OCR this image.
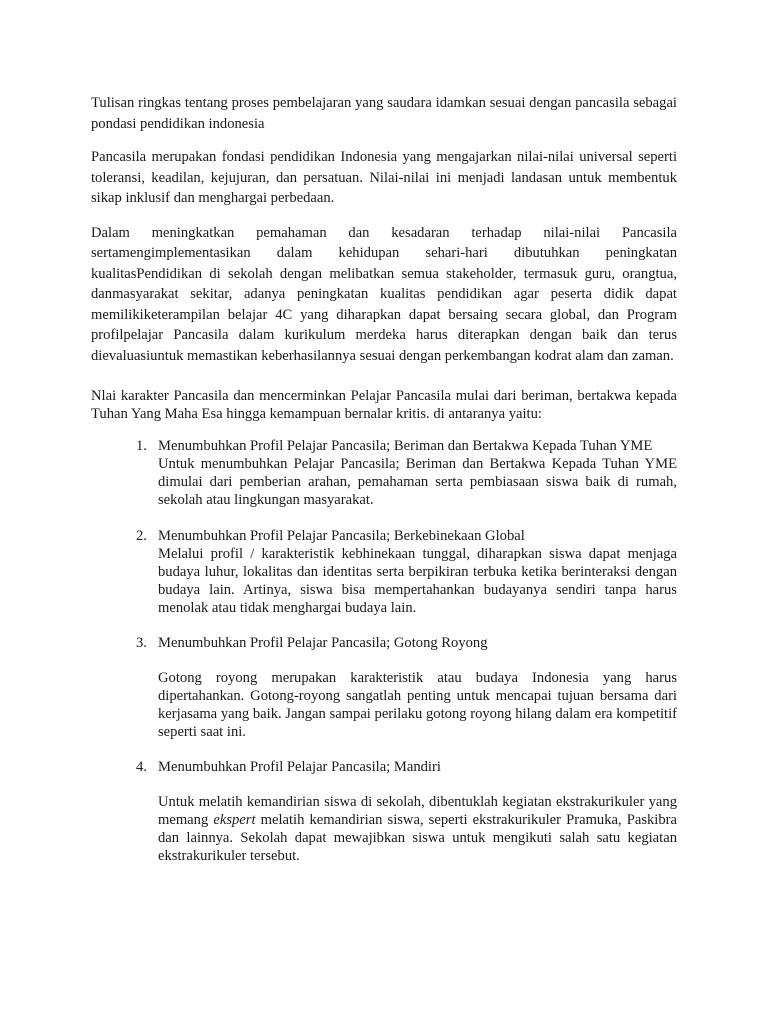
Tulisan ringkas tentang proses pembelajaran yang saudara idamkan sesuai dengan pancasila sebagai pondasi pendidikan indonesia

Pancasila merupakan fondasi pendidikan Indonesia yang mengajarkan nilai-nilai universal seperti toleransi, keadilan, kejujuran, dan persatuan. Nilai-nilai ini menjadi landasan untuk membentuk sikap inklusif dan menghargai perbedaan.

Dalam meningkatkan pemahaman dan kesadaran terhadap nilai-nilai Pancasila sertamengimplementasikan dalam kehidupan sehari-hari dibutuhkan peningkatan kualitasPendidikan di sekolah dengan melibatkan semua stakeholder, termasuk guru, orangtua, danmasyarakat sekitar, adanya peningkatan kualitas pendidikan agar peserta didik dapat memilikiketerampilan belajar 4C yang diharapkan dapat bersaing secara global, dan Program profilpelajar Pancasila dalam kurikulum merdeka harus diterapkan dengan baik dan terus dievaluasiuntuk memastikan keberhasilannya sesuai dengan perkembangan kodrat alam dan zaman.

Nlai karakter Pancasila dan mencerminkan Pelajar Pancasila mulai dari beriman, bertakwa kepada Tuhan Yang Maha Esa hingga kemampuan bernalar kritis. di antaranya yaitu:

1. Menumbuhkan Profil Pelajar Pancasila; Beriman dan Bertakwa Kepada Tuhan YME
Untuk menumbuhkan Pelajar Pancasila; Beriman dan Bertakwa Kepada Tuhan YME dimulai dari pemberian arahan, pemahaman serta pembiasaan siswa baik di rumah, sekolah atau lingkungan masyarakat.
2. Menumbuhkan Profil Pelajar Pancasila; Berkebinekaan Global
Melalui profil / karakteristik kebhinekaan tunggal, diharapkan siswa dapat menjaga budaya luhur, lokalitas dan identitas serta berpikiran terbuka ketika berinteraksi dengan budaya lain. Artinya, siswa bisa mempertahankan budayanya sendiri tanpa harus menolak atau tidak menghargai budaya lain.
3. Menumbuhkan Profil Pelajar Pancasila; Gotong Royong
Gotong royong merupakan karakteristik atau budaya Indonesia yang harus dipertahankan. Gotong-royong sangatlah penting untuk mencapai tujuan bersama dari kerjasama yang baik. Jangan sampai perilaku gotong royong hilang dalam era kompetitif seperti saat ini.
4. Menumbuhkan Profil Pelajar Pancasila; Mandiri
Untuk melatih kemandirian siswa di sekolah, dibentuklah kegiatan ekstrakurikuler yang memang ekspert melatih kemandirian siswa, seperti ekstrakurikuler Pramuka, Paskibra dan lainnya. Sekolah dapat mewajibkan siswa untuk mengikuti salah satu kegiatan ekstrakurikuler tersebut.
